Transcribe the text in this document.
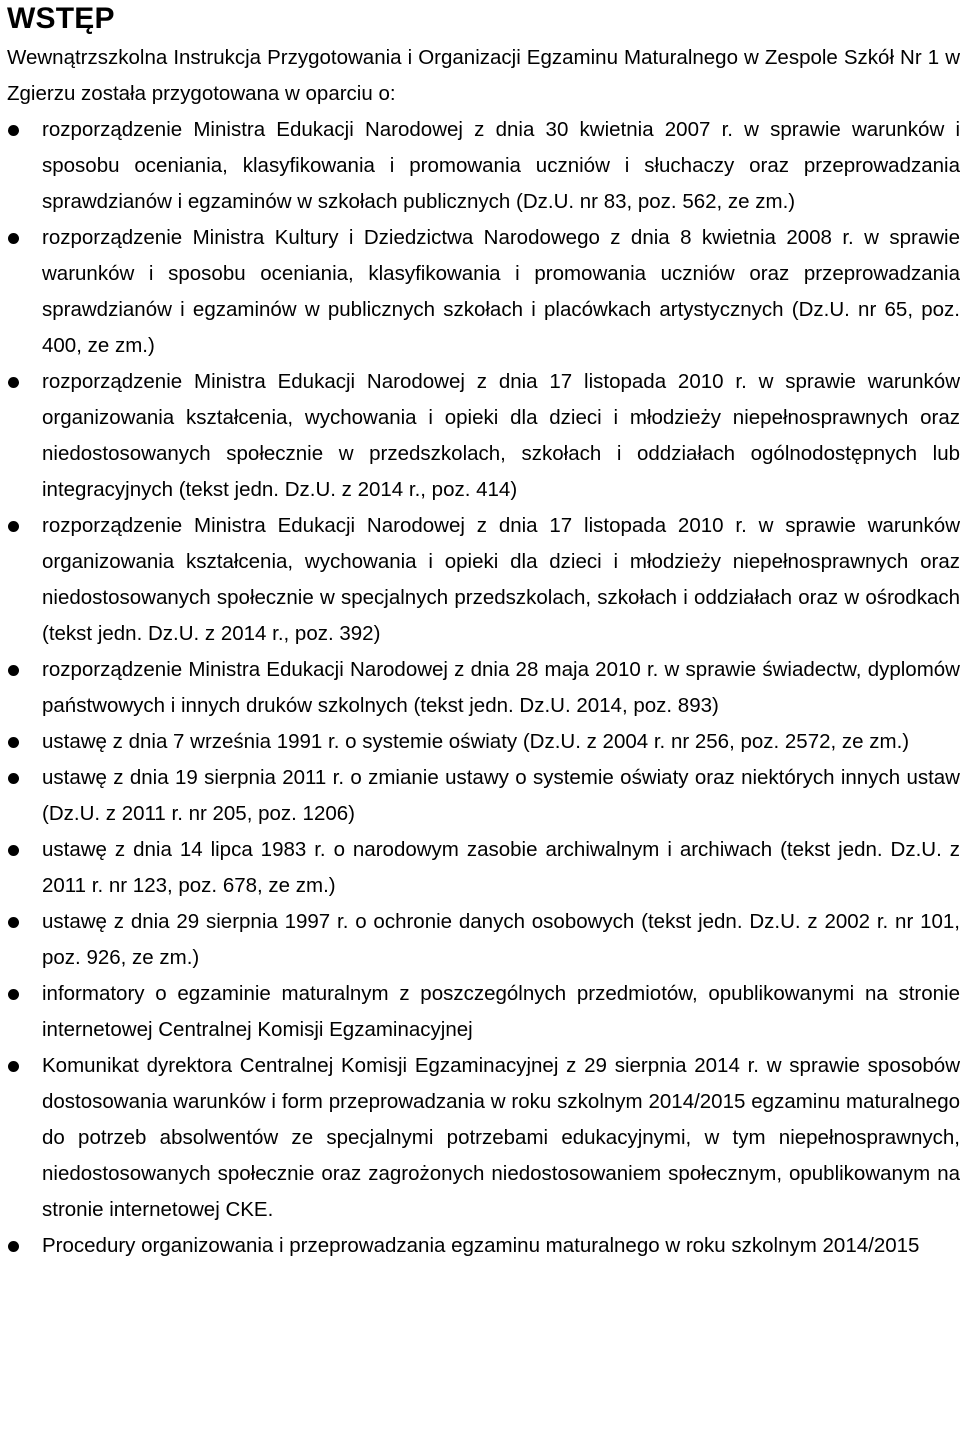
WSTĘP

Wewnątrzszkolna Instrukcja Przygotowania i Organizacji Egzaminu Maturalnego w Zespole Szkół Nr 1 w Zgierzu została przygotowana w oparciu o:

rozporządzenie Ministra Edukacji Narodowej z dnia 30 kwietnia 2007 r. w sprawie warunków i sposobu oceniania, klasyfikowania i promowania uczniów i słuchaczy oraz przeprowadzania sprawdzianów i egzaminów w szkołach publicznych (Dz.U. nr 83, poz. 562, ze zm.)
rozporządzenie Ministra Kultury i Dziedzictwa Narodowego z dnia 8 kwietnia 2008 r. w sprawie warunków i sposobu oceniania, klasyfikowania i promowania uczniów oraz przeprowadzania sprawdzianów i egzaminów w publicznych szkołach i placówkach artystycznych (Dz.U. nr 65, poz. 400, ze zm.)
rozporządzenie Ministra Edukacji Narodowej z dnia 17 listopada 2010 r. w sprawie warunków organizowania kształcenia, wychowania i opieki dla dzieci i młodzieży niepełnosprawnych oraz niedostosowanych społecznie w przedszkolach, szkołach i oddziałach ogólnodostępnych lub integracyjnych (tekst jedn. Dz.U. z 2014 r., poz. 414)
rozporządzenie Ministra Edukacji Narodowej z dnia 17 listopada 2010 r. w sprawie warunków organizowania kształcenia, wychowania i opieki dla dzieci i młodzieży niepełnosprawnych oraz niedostosowanych społecznie w specjalnych przedszkolach, szkołach i oddziałach oraz w ośrodkach (tekst jedn. Dz.U. z 2014 r., poz. 392)
rozporządzenie Ministra Edukacji Narodowej z dnia 28 maja 2010 r. w sprawie świadectw, dyplomów państwowych i innych druków szkolnych (tekst jedn. Dz.U. 2014, poz. 893)
ustawę z dnia 7 września 1991 r. o systemie oświaty (Dz.U. z 2004 r. nr 256, poz. 2572, ze zm.)
ustawę z dnia 19 sierpnia 2011 r. o zmianie ustawy o systemie oświaty oraz niektórych innych ustaw (Dz.U. z 2011 r. nr 205, poz. 1206)
ustawę z dnia 14 lipca 1983 r. o narodowym zasobie archiwalnym i archiwach (tekst jedn. Dz.U. z 2011 r. nr 123, poz. 678, ze zm.)
ustawę z dnia 29 sierpnia 1997 r. o ochronie danych osobowych (tekst jedn. Dz.U. z 2002 r. nr 101, poz. 926, ze zm.)
informatory o egzaminie maturalnym z poszczególnych przedmiotów, opublikowanymi na stronie internetowej Centralnej Komisji Egzaminacyjnej
Komunikat dyrektora Centralnej Komisji Egzaminacyjnej z 29 sierpnia 2014 r. w sprawie sposobów dostosowania warunków i form przeprowadzania w roku szkolnym 2014/2015 egzaminu maturalnego do potrzeb absolwentów ze specjalnymi potrzebami edukacyjnymi, w tym niepełnosprawnych, niedostosowanych społecznie oraz zagrożonych niedostosowaniem społecznym, opublikowanym na stronie internetowej CKE.
Procedury organizowania i przeprowadzania egzaminu maturalnego w roku szkolnym 2014/2015
